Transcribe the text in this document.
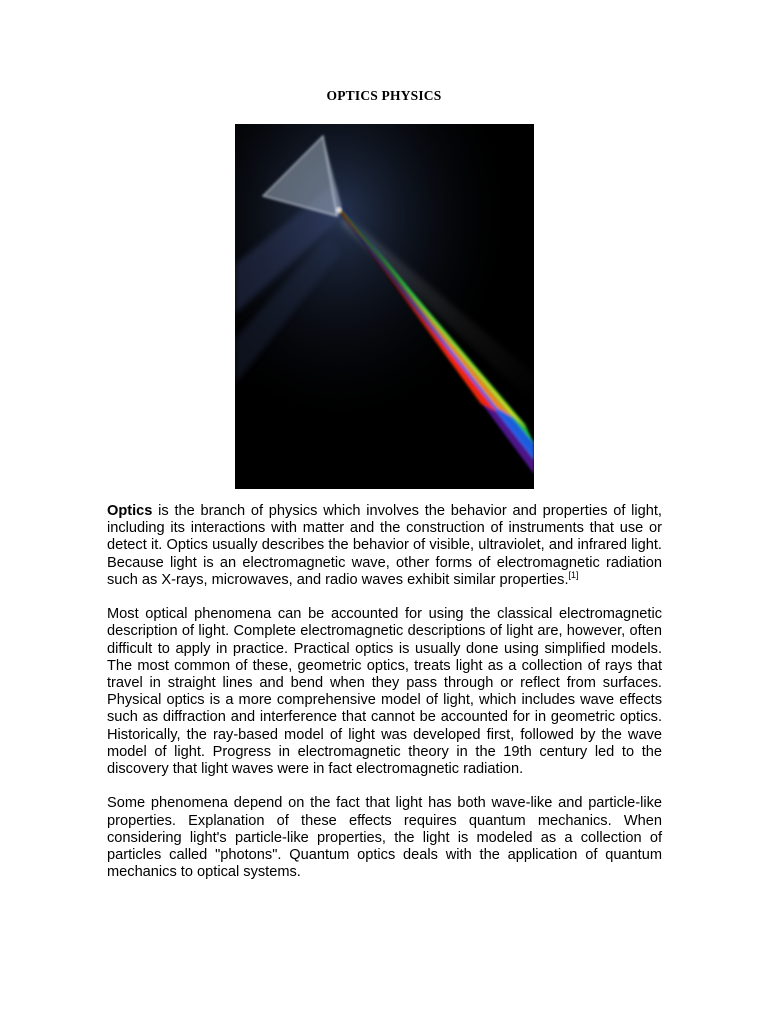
OPTICS PHYSICS

Optics is the branch of physics which involves the behavior and properties of light, including its interactions with matter and the construction of instruments that use or detect it. Optics usually describes the behavior of visible, ultraviolet, and infrared light. Because light is an electromagnetic wave, other forms of electromagnetic radiation such as X-rays, microwaves, and radio waves exhibit similar properties.[1]

Most optical phenomena can be accounted for using the classical electromagnetic description of light. Complete electromagnetic descriptions of light are, however, often difficult to apply in practice. Practical optics is usually done using simplified models. The most common of these, geometric optics, treats light as a collection of rays that travel in straight lines and bend when they pass through or reflect from surfaces. Physical optics is a more comprehensive model of light, which includes wave effects such as diffraction and interference that cannot be accounted for in geometric optics. Historically, the ray-based model of light was developed first, followed by the wave model of light. Progress in electromagnetic theory in the 19th century led to the discovery that light waves were in fact electromagnetic radiation.

Some phenomena depend on the fact that light has both wave-like and particle-like properties. Explanation of these effects requires quantum mechanics. When considering light's particle-like properties, the light is modeled as a collection of particles called "photons". Quantum optics deals with the application of quantum mechanics to optical systems.
